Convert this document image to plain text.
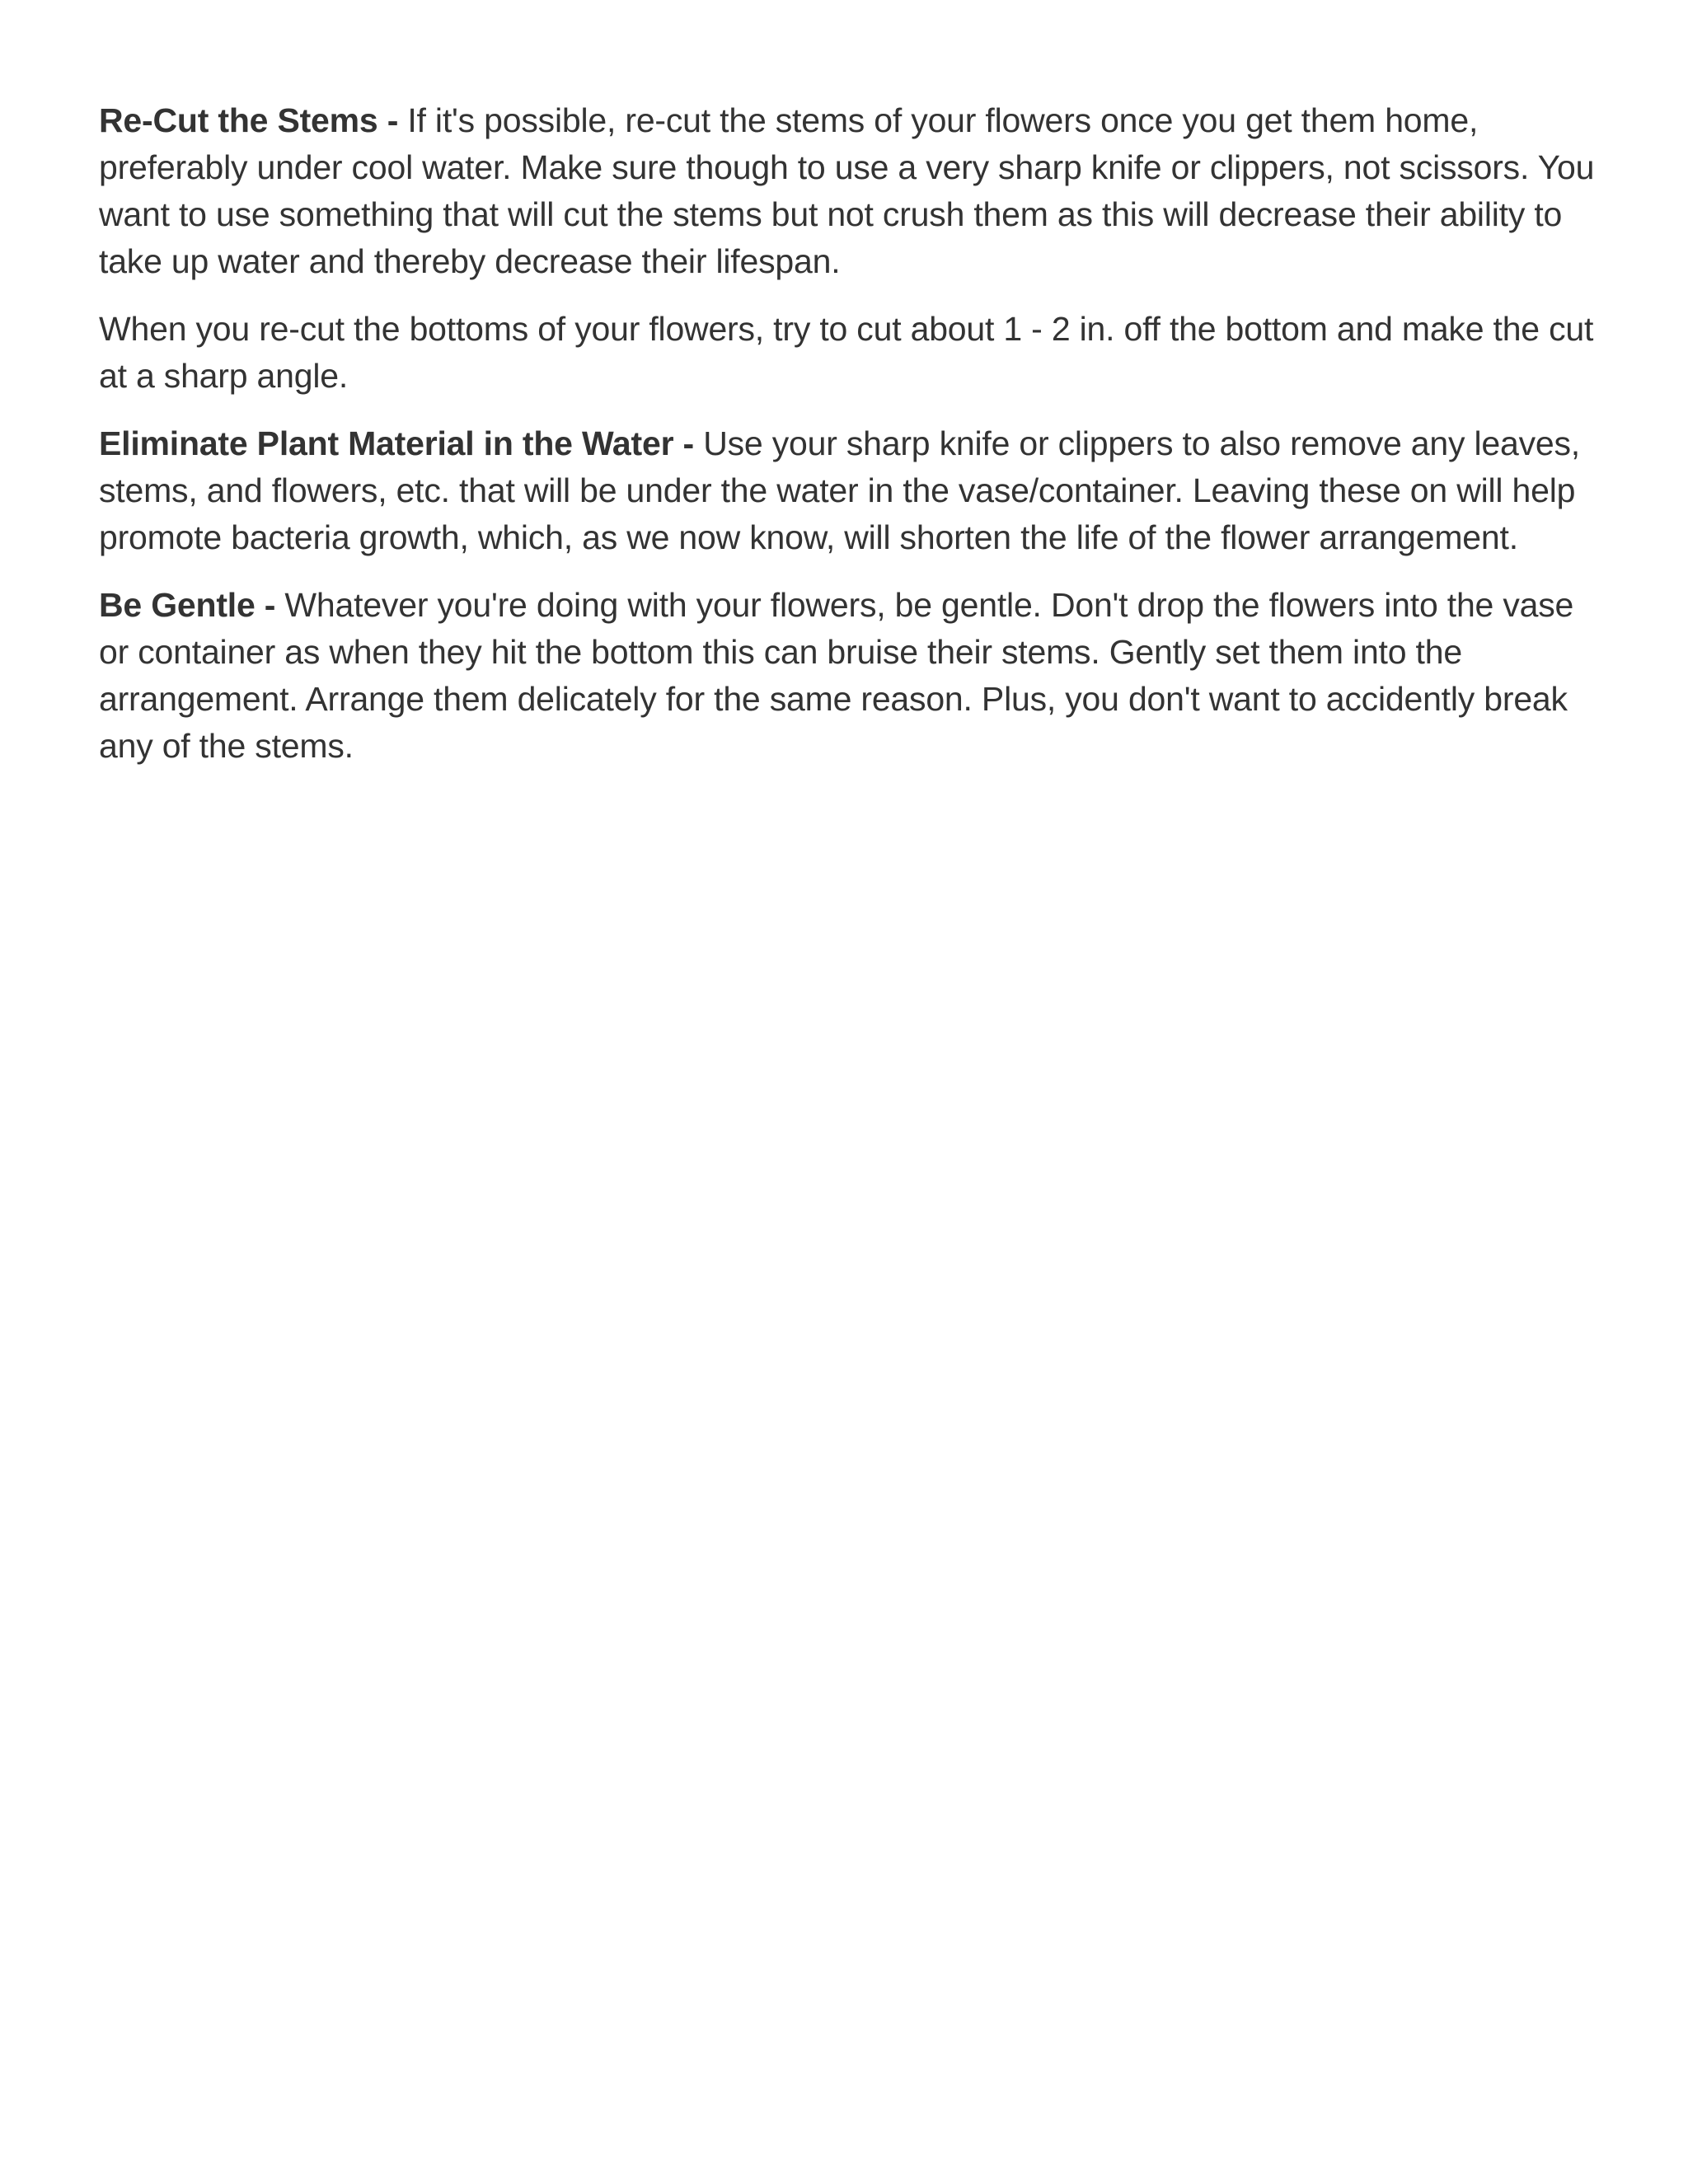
Re-Cut the Stems - If it's possible, re-cut the stems of your flowers once you get them home, preferably under cool water. Make sure though to use a very sharp knife or clippers, not scissors. You want to use something that will cut the stems but not crush them as this will decrease their ability to take up water and thereby decrease their lifespan.

When you re-cut the bottoms of your flowers, try to cut about 1 - 2 in. off the bottom and make the cut at a sharp angle.

Eliminate Plant Material in the Water - Use your sharp knife or clippers to also remove any leaves, stems, and flowers, etc. that will be under the water in the vase/container. Leaving these on will help promote bacteria growth, which, as we now know, will shorten the life of the flower arrangement.

Be Gentle - Whatever you're doing with your flowers, be gentle. Don't drop the flowers into the vase or container as when they hit the bottom this can bruise their stems. Gently set them into the arrangement. Arrange them delicately for the same reason. Plus, you don't want to accidently break any of the stems.
